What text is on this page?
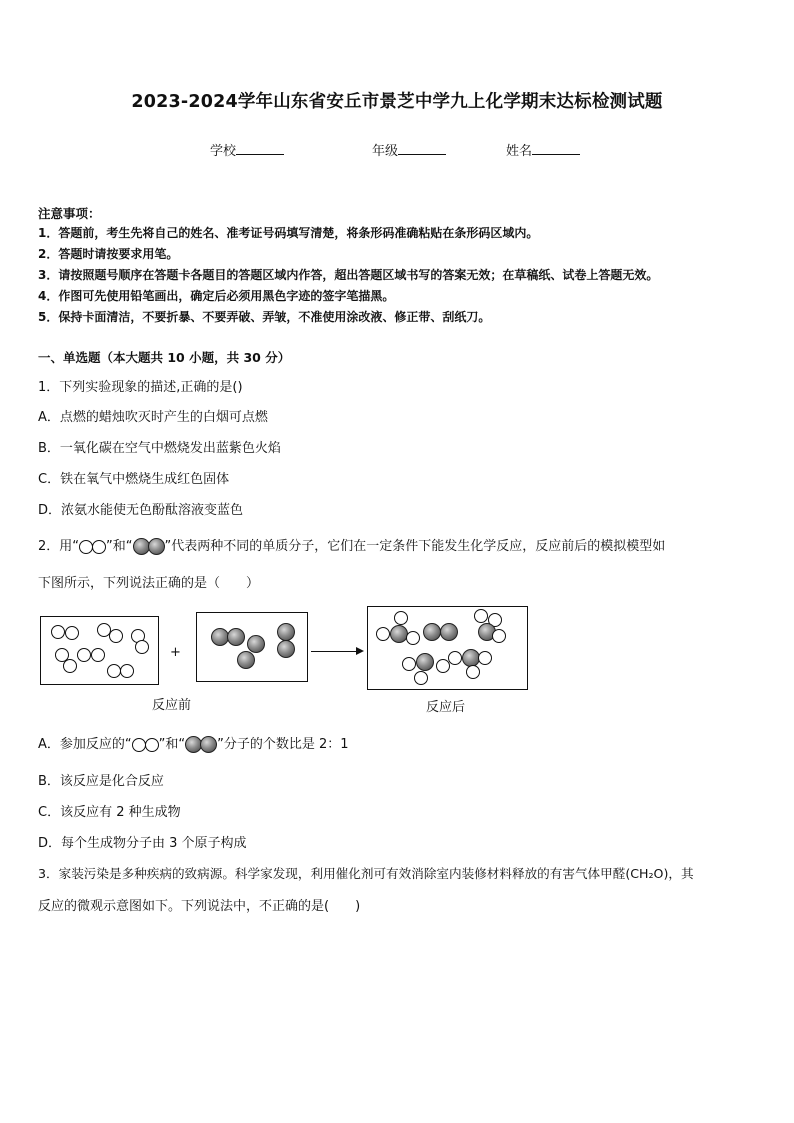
2023-2024学年山东省安丘市景芝中学九上化学期末达标检测试题
学校	年级	姓名
注意事项：
1．答题前，考生先将自己的姓名、准考证号码填写清楚，将条形码准确粘贴在条形码区域内。
2．答题时请按要求用笔。
3．请按照题号顺序在答题卡各题目的答题区域内作答，超出答题区域书写的答案无效；在草稿纸、试卷上答题无效。
4．作图可先使用铅笔画出，确定后必须用黑色字迹的签字笔描黑。
5．保持卡面清洁，不要折暴、不要弄破、弄皱，不准使用涂改液、修正带、刮纸刀。
一、单选题（本大题共 10 小题，共 30 分）
1．下列实验现象的描述,正确的是()
A．点燃的蜡烛吹灭时产生的白烟可点燃
B．一氧化碳在空气中燃烧发出蓝紫色火焰
C．铁在氧气中燃烧生成红色固体
D．浓氨水能使无色酚酞溶液变蓝色
2．用“ ”和“ ”代表两种不同的单质分子，它们在一定条件下能发生化学反应，反应前后的模拟模型如
下图所示，下列说法正确的是（　　）
+
反应前	反应后
A．参加反应的“ ”和“ ”分子的个数比是 2：1
B．该反应是化合反应
C．该反应有 2 种生成物
D．每个生成物分子由 3 个原子构成
3．家装污染是多种疾病的致病源。科学家发现，利用催化剂可有效消除室内装修材料释放的有害气体甲醛(CH₂O)，其
反应的微观示意图如下。下列说法中，不正确的是(　　)
